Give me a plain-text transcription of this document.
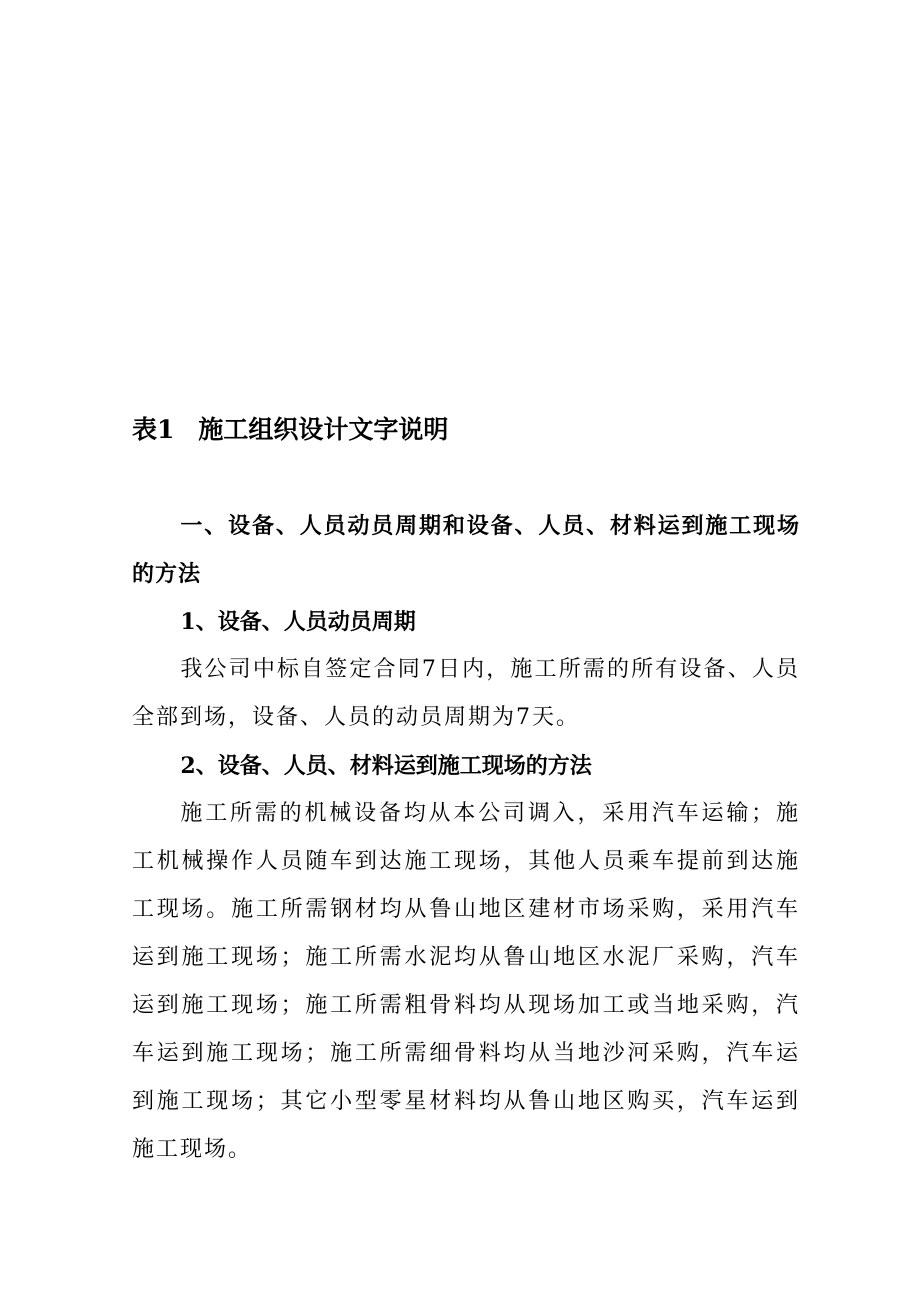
表1 施工组织设计文字说明

一、设备、人员动员周期和设备、人员、材料运到施工现场的方法

1、设备、人员动员周期

我公司中标自签定合同7日内，施工所需的所有设备、人员全部到场，设备、人员的动员周期为7天。

2、设备、人员、材料运到施工现场的方法

施工所需的机械设备均从本公司调入，采用汽车运输；施工机械操作人员随车到达施工现场，其他人员乘车提前到达施工现场。施工所需钢材均从鲁山地区建材市场采购，采用汽车运到施工现场；施工所需水泥均从鲁山地区水泥厂采购，汽车运到施工现场；施工所需粗骨料均从现场加工或当地采购，汽车运到施工现场；施工所需细骨料均从当地沙河采购，汽车运到施工现场；其它小型零星材料均从鲁山地区购买，汽车运到施工现场。
